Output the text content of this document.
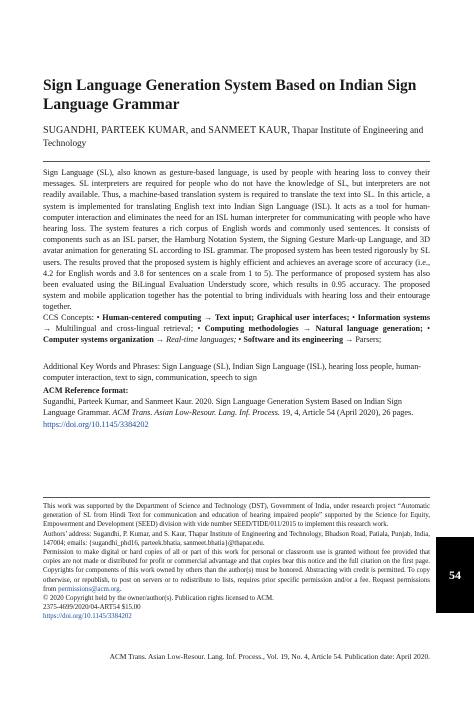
Sign Language Generation System Based on Indian Sign Language Grammar
SUGANDHI, PARTEEK KUMAR, and SANMEET KAUR, Thapar Institute of Engineering and Technology

Sign Language (SL), also known as gesture-based language, is used by people with hearing loss to convey their messages. SL interpreters are required for people who do not have the knowledge of SL, but interpreters are not readily available. Thus, a machine-based translation system is required to translate the text into SL. In this article, a system is implemented for translating English text into Indian Sign Language (ISL). It acts as a tool for human-computer interaction and eliminates the need for an ISL human interpreter for communicating with people who have hearing loss. The system features a rich corpus of English words and commonly used sentences. It consists of components such as an ISL parser, the Hamburg Notation System, the Signing Gesture Mark-up Language, and 3D avatar animation for generating SL according to ISL grammar. The proposed system has been tested rigorously by SL users. The results proved that the proposed system is highly efficient and achieves an average score of accuracy (i.e., 4.2 for English words and 3.8 for sentences on a scale from 1 to 5). The performance of proposed system has also been evaluated using the BiLingual Evaluation Understudy score, which results in 0.95 accuracy. The proposed system and mobile application together has the potential to bring individuals with hearing loss and their entourage together.

CCS Concepts: • Human-centered computing → Text input; Graphical user interfaces; • Information systems → Multilingual and cross-lingual retrieval; • Computing methodologies → Natural language generation; • Computer systems organization → Real-time languages; • Software and its engineering → Parsers;

Additional Key Words and Phrases: Sign Language (SL), Indian Sign Language (ISL), hearing loss people, human-computer interaction, text to sign, communication, speech to sign

ACM Reference format:
Sugandhi, Parteek Kumar, and Sanmeet Kaur. 2020. Sign Language Generation System Based on Indian Sign Language Grammar. ACM Trans. Asian Low-Resour. Lang. Inf. Process. 19, 4, Article 54 (April 2020), 26 pages.
https://doi.org/10.1145/3384202

This work was supported by the Department of Science and Technology (DST), Government of India, under research project “Automatic generation of SL from Hindi Text for communication and education of hearing impaired people” supported by the Science for Equity, Empowerment and Development (SEED) division with vide number SEED/TIDE/011/2015 to implement this research work.

Authors’ address: Sugandhi, P. Kumar, and S. Kaur, Thapar Institute of Engineering and Technology, Bhadson Road, Patiala, Punjab, India, 147004; emails: {sugandhi_phd16, parteek.bhatia, sanmeet.bhatia}@thapar.edu.

Permission to make digital or hard copies of all or part of this work for personal or classroom use is granted without fee provided that copies are not made or distributed for profit or commercial advantage and that copies bear this notice and the full citation on the first page. Copyrights for components of this work owned by others than the author(s) must be honored. Abstracting with credit is permitted. To copy otherwise, or republish, to post on servers or to redistribute to lists, requires prior specific permission and/or a fee. Request permissions from permissions@acm.org.

© 2020 Copyright held by the owner/author(s). Publication rights licensed to ACM.

2375-4699/2020/04-ART54 $15.00

https://doi.org/10.1145/3384202

ACM Trans. Asian Low-Resour. Lang. Inf. Process., Vol. 19, No. 4, Article 54. Publication date: April 2020.
54
